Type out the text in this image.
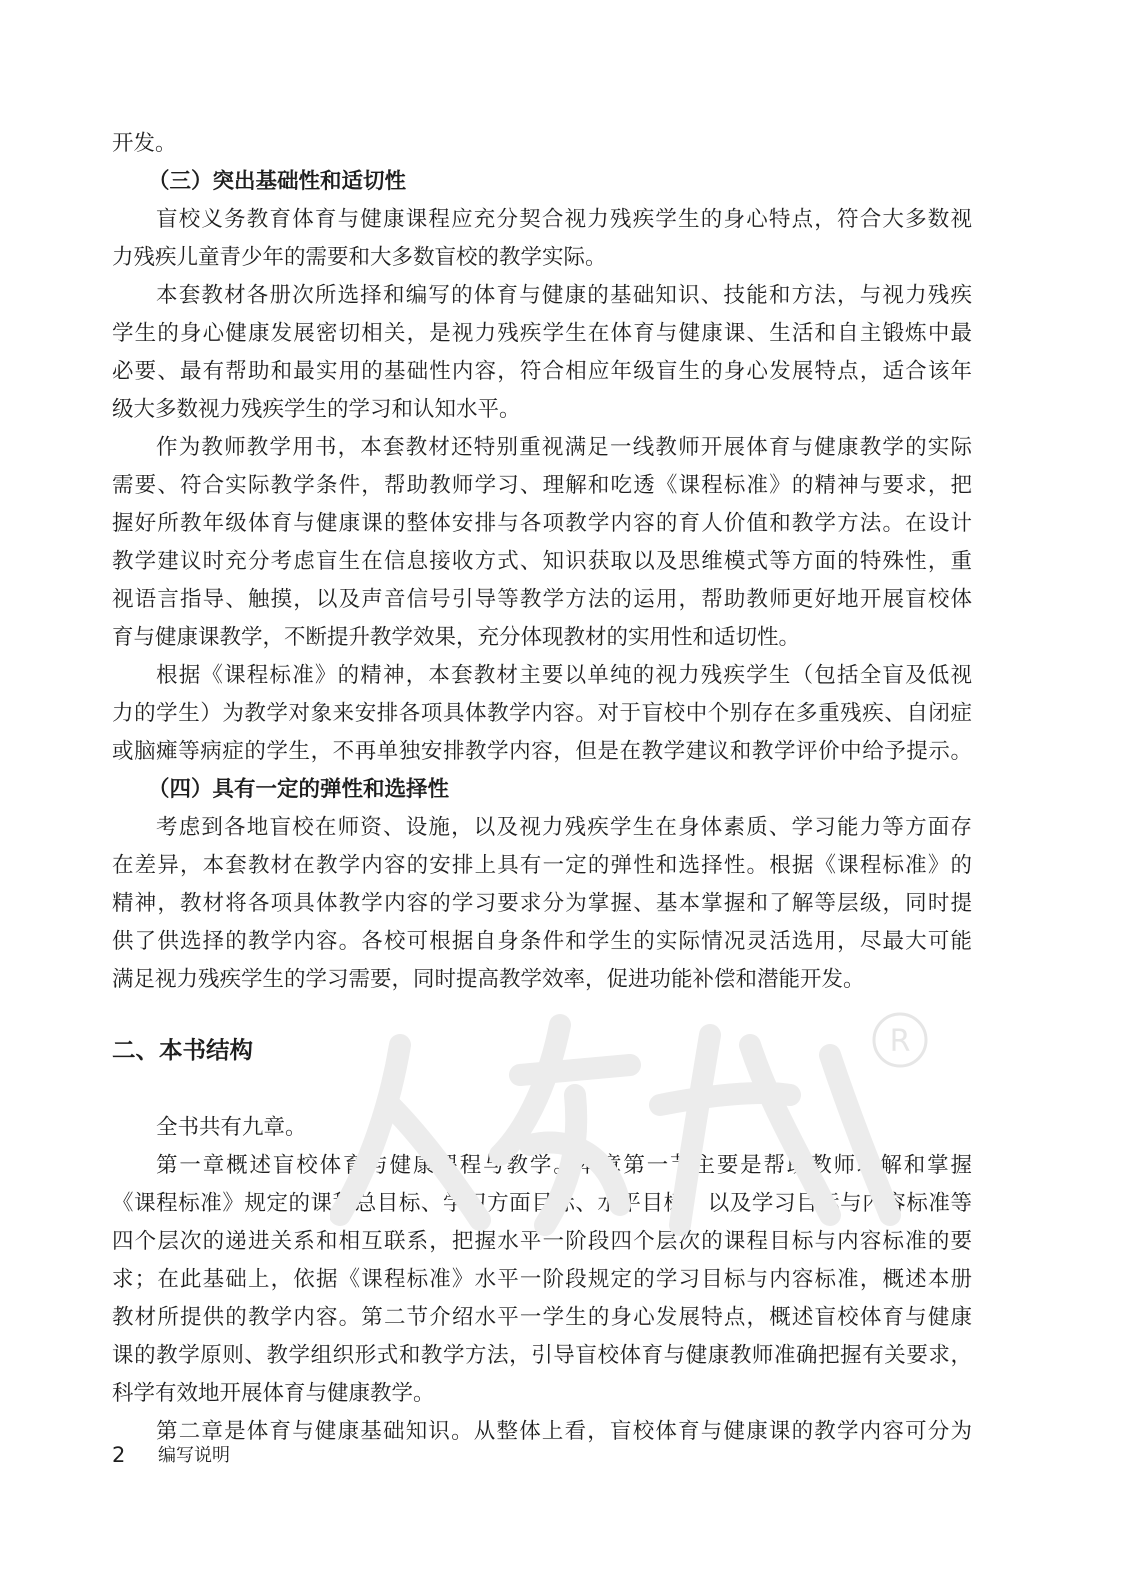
开发。
（三）突出基础性和适切性
盲校义务教育体育与健康课程应充分契合视力残疾学生的身心特点，符合大多数视
力残疾儿童青少年的需要和大多数盲校的教学实际。
本套教材各册次所选择和编写的体育与健康的基础知识、技能和方法，与视力残疾
学生的身心健康发展密切相关，是视力残疾学生在体育与健康课、生活和自主锻炼中最
必要、最有帮助和最实用的基础性内容，符合相应年级盲生的身心发展特点，适合该年
级大多数视力残疾学生的学习和认知水平。
作为教师教学用书，本套教材还特别重视满足一线教师开展体育与健康教学的实际
需要、符合实际教学条件，帮助教师学习、理解和吃透《课程标准》的精神与要求，把
握好所教年级体育与健康课的整体安排与各项教学内容的育人价值和教学方法。在设计
教学建议时充分考虑盲生在信息接收方式、知识获取以及思维模式等方面的特殊性，重
视语言指导、触摸，以及声音信号引导等教学方法的运用，帮助教师更好地开展盲校体
育与健康课教学，不断提升教学效果，充分体现教材的实用性和适切性。
根据《课程标准》的精神，本套教材主要以单纯的视力残疾学生（包括全盲及低视
力的学生）为教学对象来安排各项具体教学内容。对于盲校中个别存在多重残疾、自闭症
或脑瘫等病症的学生，不再单独安排教学内容，但是在教学建议和教学评价中给予提示。
（四）具有一定的弹性和选择性
考虑到各地盲校在师资、设施，以及视力残疾学生在身体素质、学习能力等方面存
在差异，本套教材在教学内容的安排上具有一定的弹性和选择性。根据《课程标准》的
精神，教材将各项具体教学内容的学习要求分为掌握、基本掌握和了解等层级，同时提
供了供选择的教学内容。各校可根据自身条件和学生的实际情况灵活选用，尽最大可能
满足视力残疾学生的学习需要，同时提高教学效率，促进功能补偿和潜能开发。
二、本书结构
全书共有九章。
第一章概述盲校体育与健康课程与教学。本章第一节主要是帮助教师理解和掌握
《课程标准》规定的课程总目标、学习方面目标、水平目标，以及学习目标与内容标准等
四个层次的递进关系和相互联系，把握水平一阶段四个层次的课程目标与内容标准的要
求；在此基础上，依据《课程标准》水平一阶段规定的学习目标与内容标准，概述本册
教材所提供的教学内容。第二节介绍水平一学生的身心发展特点，概述盲校体育与健康
课的教学原则、教学组织形式和教学方法，引导盲校体育与健康教师准确把握有关要求，
科学有效地开展体育与健康教学。
第二章是体育与健康基础知识。从整体上看，盲校体育与健康课的教学内容可分为
R
2 编写说明
